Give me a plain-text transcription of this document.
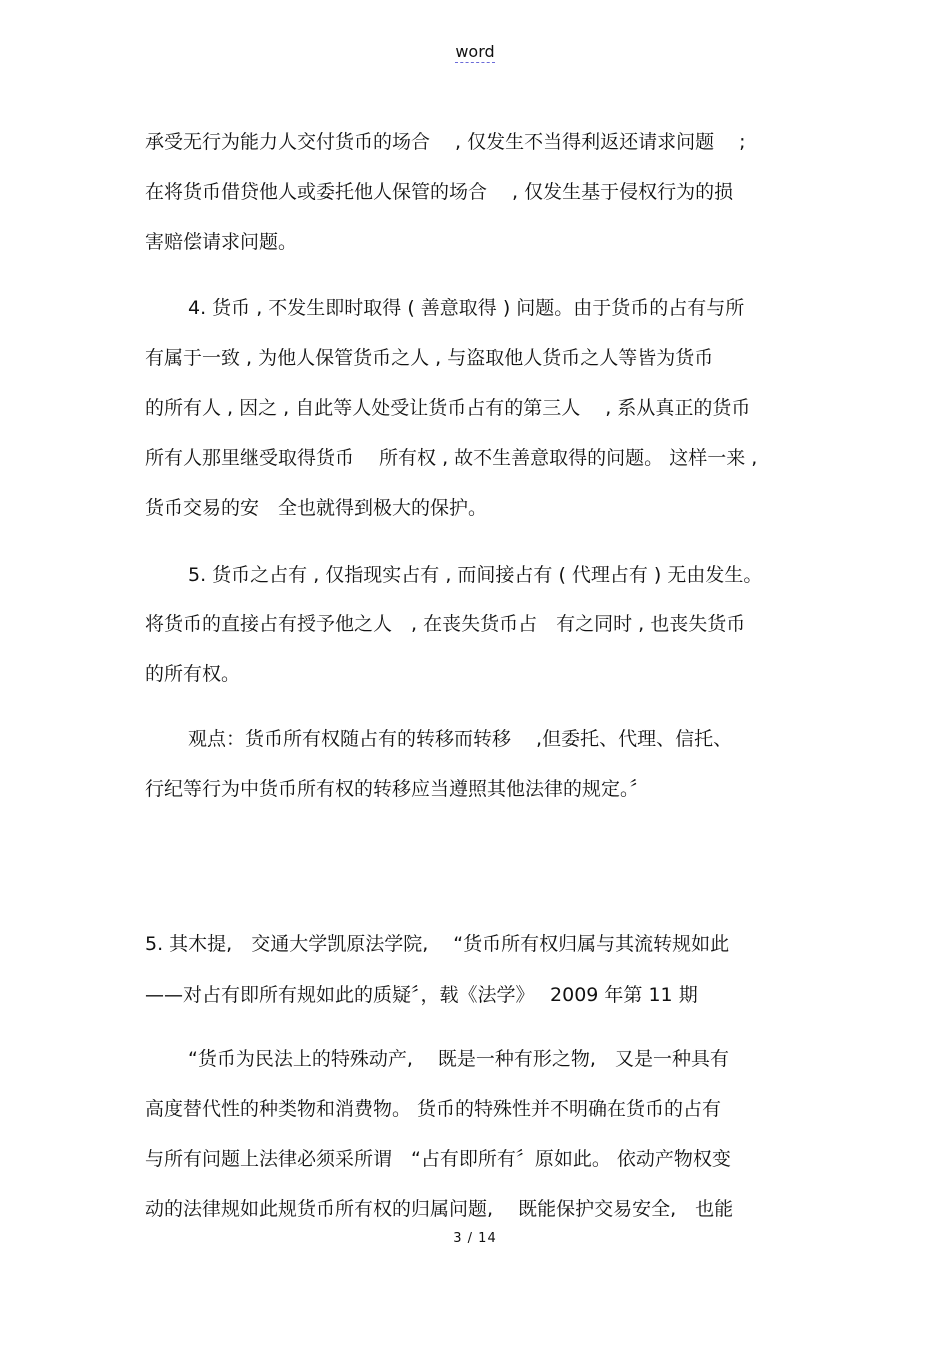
word
承受无行为能力人交付货币的场合　 , 仅发生不当得利返还请求问题　 ;
在将货币借贷他人或委托他人保管的场合　 , 仅发生基于侵权行为的损
害赔偿请求问题。
4. 货币 , 不发生即时取得 ( 善意取得 ) 问题。由于货币的占有与所
有属于一致 , 为他人保管货币之人 , 与盗取他人货币之人等皆为货币
的所有人 , 因之 , 自此等人处受让货币占有的第三人　 , 系从真正的货币
所有人那里继受取得货币　 所有权 , 故不生善意取得的问题。 这样一来 ,
货币交易的安　全也就得到极大的保护。
5. 货币之占有 , 仅指现实占有 , 而间接占有 ( 代理占有 ) 无由发生。
将货币的直接占有授予他之人　, 在丧失货币占　有之同时 , 也丧失货币
的所有权。
观点：货币所有权随占有的转移而转移　 ,但委托、代理、信托、
行纪等行为中货币所有权的转移应当遵照其他法律的规定。〞
5. 其木提,　交通大学凯原法学院,　 “货币所有权归属与其流转规如此
——对占有即所有规如此的质疑〞，载《法学》　 2009 年第 11 期
“货币为民法上的特殊动产,　 既是一种有形之物,　又是一种具有
高度替代性的种类物和消费物。 货币的特殊性并不明确在货币的占有
与所有问题上法律必须采所谓　“占有即所有〞原如此。 依动产物权变
动的法律规如此规货币所有权的归属问题,　 既能保护交易安全,　也能
3 / 14
